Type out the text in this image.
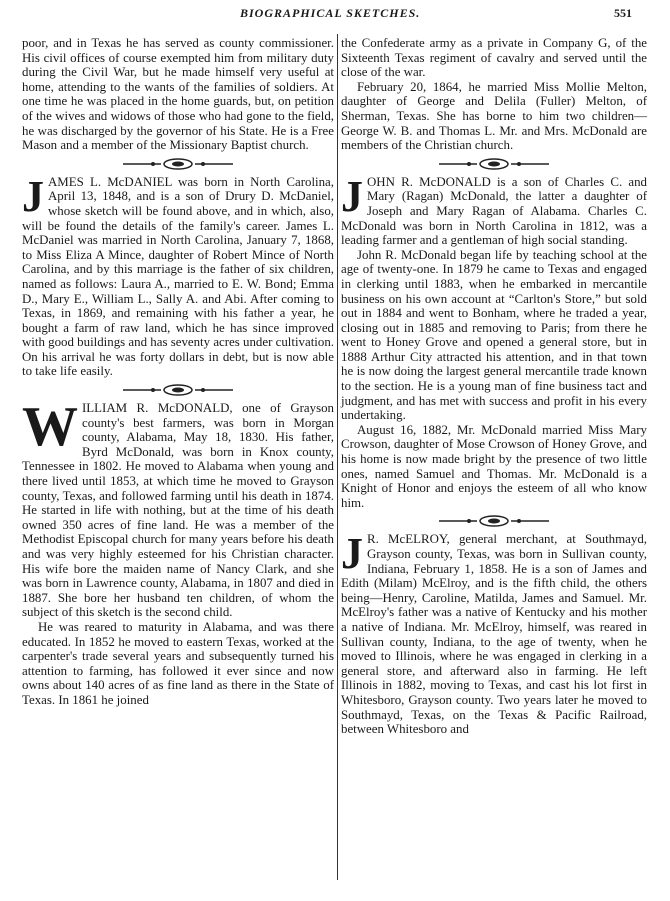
BIOGRAPHICAL SKETCHES.	551

poor, and in Texas he has served as county commissioner. His civil offices of course exempted him from military duty during the Civil War, but he made himself very useful at home, attending to the wants of the families of soldiers. At one time he was placed in the home guards, but, on petition of the wives and widows of those who had gone to the field, he was discharged by the governor of his State. He is a Free Mason and a member of the Missionary Baptist church.

JAMES L. McDANIEL was born in North Carolina, April 13, 1848, and is a son of Drury D. McDaniel, whose sketch will be found above, and in which, also, will be found the details of the family's career. James L. McDaniel was married in North Carolina, January 7, 1868, to Miss Eliza A Mince, daughter of Robert Mince of North Carolina, and by this marriage is the father of six children, named as follows: Laura A., married to E. W. Bond; Emma D., Mary E., William L., Sally A. and Abi. After coming to Texas, in 1869, and remaining with his father a year, he bought a farm of raw land, which he has since improved with good buildings and has seventy acres under cultivation. On his arrival he was forty dollars in debt, but is now able to take life easily.

WILLIAM R. McDONALD, one of Grayson county's best farmers, was born in Morgan county, Alabama, May 18, 1830. His father, Byrd McDonald, was born in Knox county, Tennessee in 1802. He moved to Alabama when young and there lived until 1853, at which time he moved to Grayson county, Texas, and followed farming until his death in 1874. He started in life with nothing, but at the time of his death owned 350 acres of fine land. He was a member of the Methodist Episcopal church for many years before his death and was very highly esteemed for his Christian character. His wife bore the maiden name of Nancy Clark, and she was born in Lawrence county, Alabama, in 1807 and died in 1887. She bore her husband ten children, of whom the subject of this sketch is the second child.

He was reared to maturity in Alabama, and was there educated. In 1852 he moved to eastern Texas, worked at the carpenter's trade several years and subsequently turned his attention to farming, has followed it ever since and now owns about 140 acres of as fine land as there in the State of Texas. In 1861 he joined

the Confederate army as a private in Company G, of the Sixteenth Texas regiment of cavalry and served until the close of the war.

February 20, 1864, he married Miss Mollie Melton, daughter of George and Delila (Fuller) Melton, of Sherman, Texas. She has borne to him two children—George W. B. and Thomas L. Mr. and Mrs. McDonald are members of the Christian church.

JOHN R. McDONALD is a son of Charles C. and Mary (Ragan) McDonald, the latter a daughter of Joseph and Mary Ragan of Alabama. Charles C. McDonald was born in North Carolina in 1812, was a leading farmer and a gentleman of high social standing.

John R. McDonald began life by teaching school at the age of twenty-one. In 1879 he came to Texas and engaged in clerking until 1883, when he embarked in mercantile business on his own account at “Carlton's Store,” but sold out in 1884 and went to Bonham, where he traded a year, closing out in 1885 and removing to Paris; from there he went to Honey Grove and opened a general store, but in 1888 Arthur City attracted his attention, and in that town he is now doing the largest general mercantile trade known to the section. He is a young man of fine business tact and judgment, and has met with success and profit in his every undertaking.

August 16, 1882, Mr. McDonald married Miss Mary Crowson, daughter of Mose Crowson of Honey Grove, and his home is now made bright by the presence of two little ones, named Samuel and Thomas. Mr. McDonald is a Knight of Honor and enjoys the esteem of all who know him.

J R. McELROY, general merchant, at Southmayd, Grayson county, Texas, was born in Sullivan county, Indiana, February 1, 1858. He is a son of James and Edith (Milam) McElroy, and is the fifth child, the others being—Henry, Caroline, Matilda, James and Samuel. Mr. McElroy's father was a native of Kentucky and his mother a native of Indiana. Mr. McElroy, himself, was reared in Sullivan county, Indiana, to the age of twenty, when he moved to Illinois, where he was engaged in clerking in a general store, and afterward also in farming. He left Illinois in 1882, moving to Texas, and cast his lot first in Whitesboro, Grayson county. Two years later he moved to Southmayd, Texas, on the Texas & Pacific Railroad, between Whitesboro and
